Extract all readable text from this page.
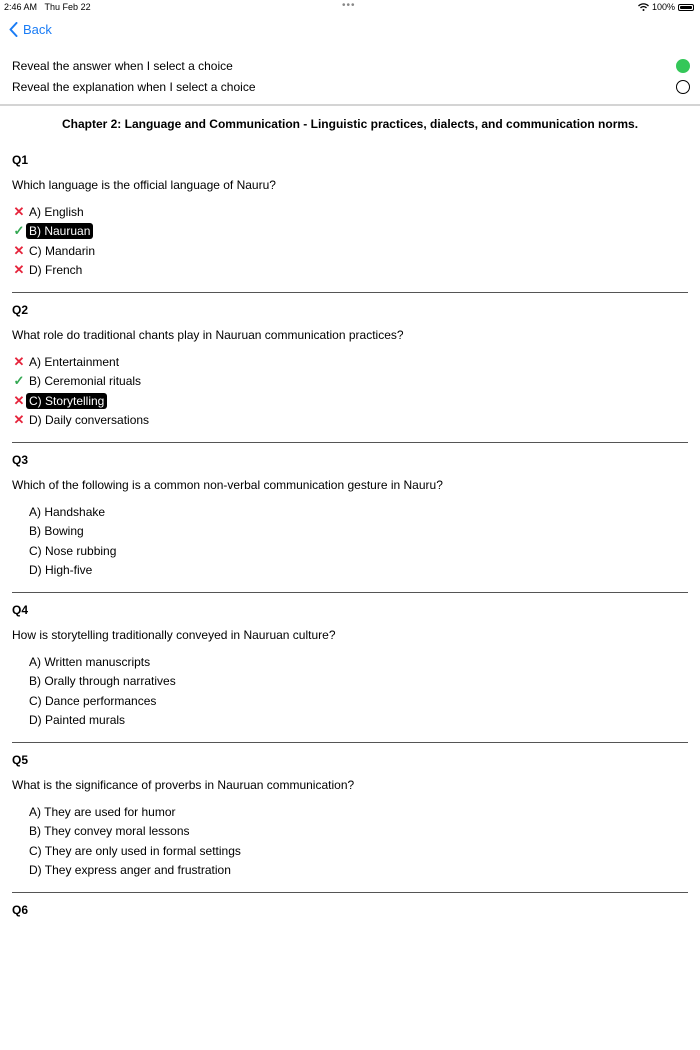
2:46 AM Thu Feb 22	•••	100%
Back
Reveal the answer when I select a choice
Reveal the explanation when I select a choice
Chapter 2: Language and Communication - Linguistic practices, dialects, and communication norms.
Q1
Which language is the official language of Nauru?
✕ A) English
✓ B) Nauruan
✕ C) Mandarin
✕ D) French
Q2
What role do traditional chants play in Nauruan communication practices?
✕ A) Entertainment
✓ B) Ceremonial rituals
✕ C) Storytelling
✕ D) Daily conversations
Q3
Which of the following is a common non-verbal communication gesture in Nauru?
A) Handshake
B) Bowing
C) Nose rubbing
D) High-five
Q4
How is storytelling traditionally conveyed in Nauruan culture?
A) Written manuscripts
B) Orally through narratives
C) Dance performances
D) Painted murals
Q5
What is the significance of proverbs in Nauruan communication?
A) They are used for humor
B) They convey moral lessons
C) They are only used in formal settings
D) They express anger and frustration
Q6
